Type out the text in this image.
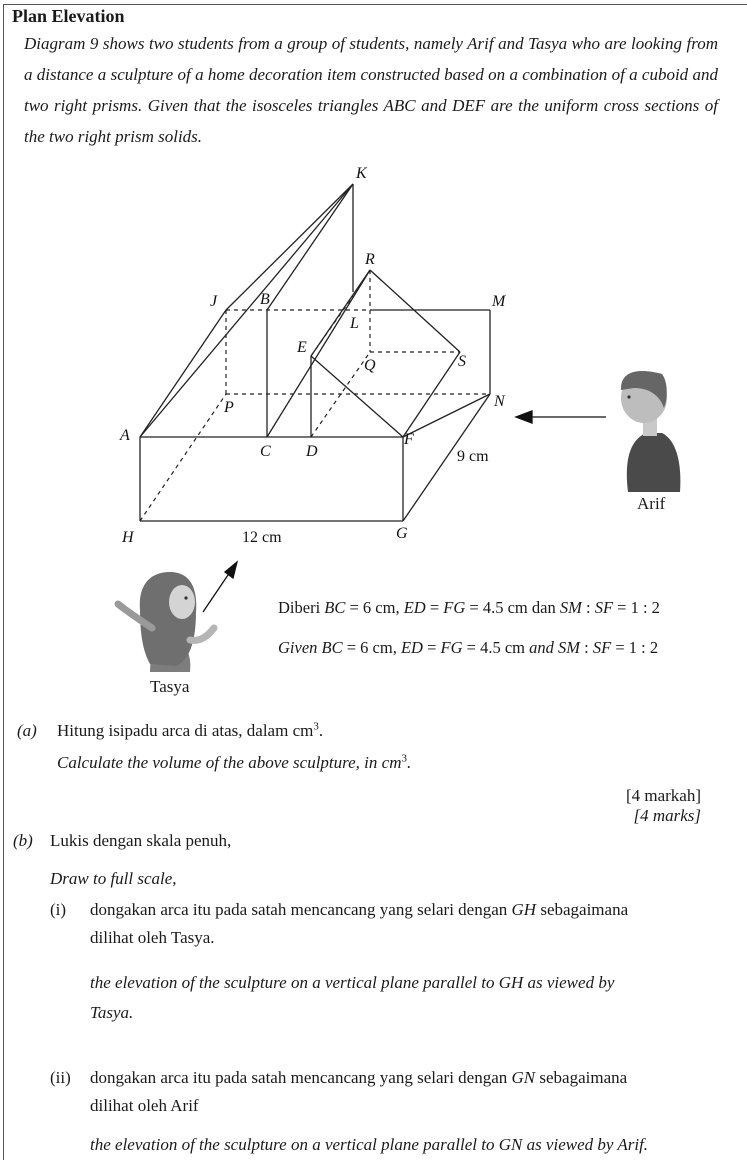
Plan Elevation

Diagram 9 shows two students from a group of students, namely Arif and Tasya who are looking from a distance a sculpture of a home decoration item constructed based on a combination of a cuboid and two right prisms. Given that the isosceles triangles ABC and DEF are the uniform cross sections of the two right prism solids.

K
R
J	B	M
L
E
Q	S
P	N
A
C D
F
H	G
12 cm
9 cm
Arif
Tasya
Diberi BC = 6 cm, ED = FG = 4.5 cm dan SM : SF = 1 : 2
Given BC = 6 cm, ED = FG = 4.5 cm and SM : SF = 1 : 2
(a) Hitung isipadu arca di atas, dalam $cm^3$.
Calculate the volume of the above sculpture, in $cm^3$.
[4 markah]
[4 marks]
(b) Lukis dengan skala penuh,
Draw to full scale,
(i) dongakan arca itu pada satah mencancang yang selari dengan GH sebagaimana
dilihat oleh Tasya.
the elevation of the sculpture on a vertical plane parallel to GH as viewed by
Tasya.
(ii) dongakan arca itu pada satah mencancang yang selari dengan GN sebagaimana
dilihat oleh Arif
the elevation of the sculpture on a vertical plane parallel to GN as viewed by Arif.
